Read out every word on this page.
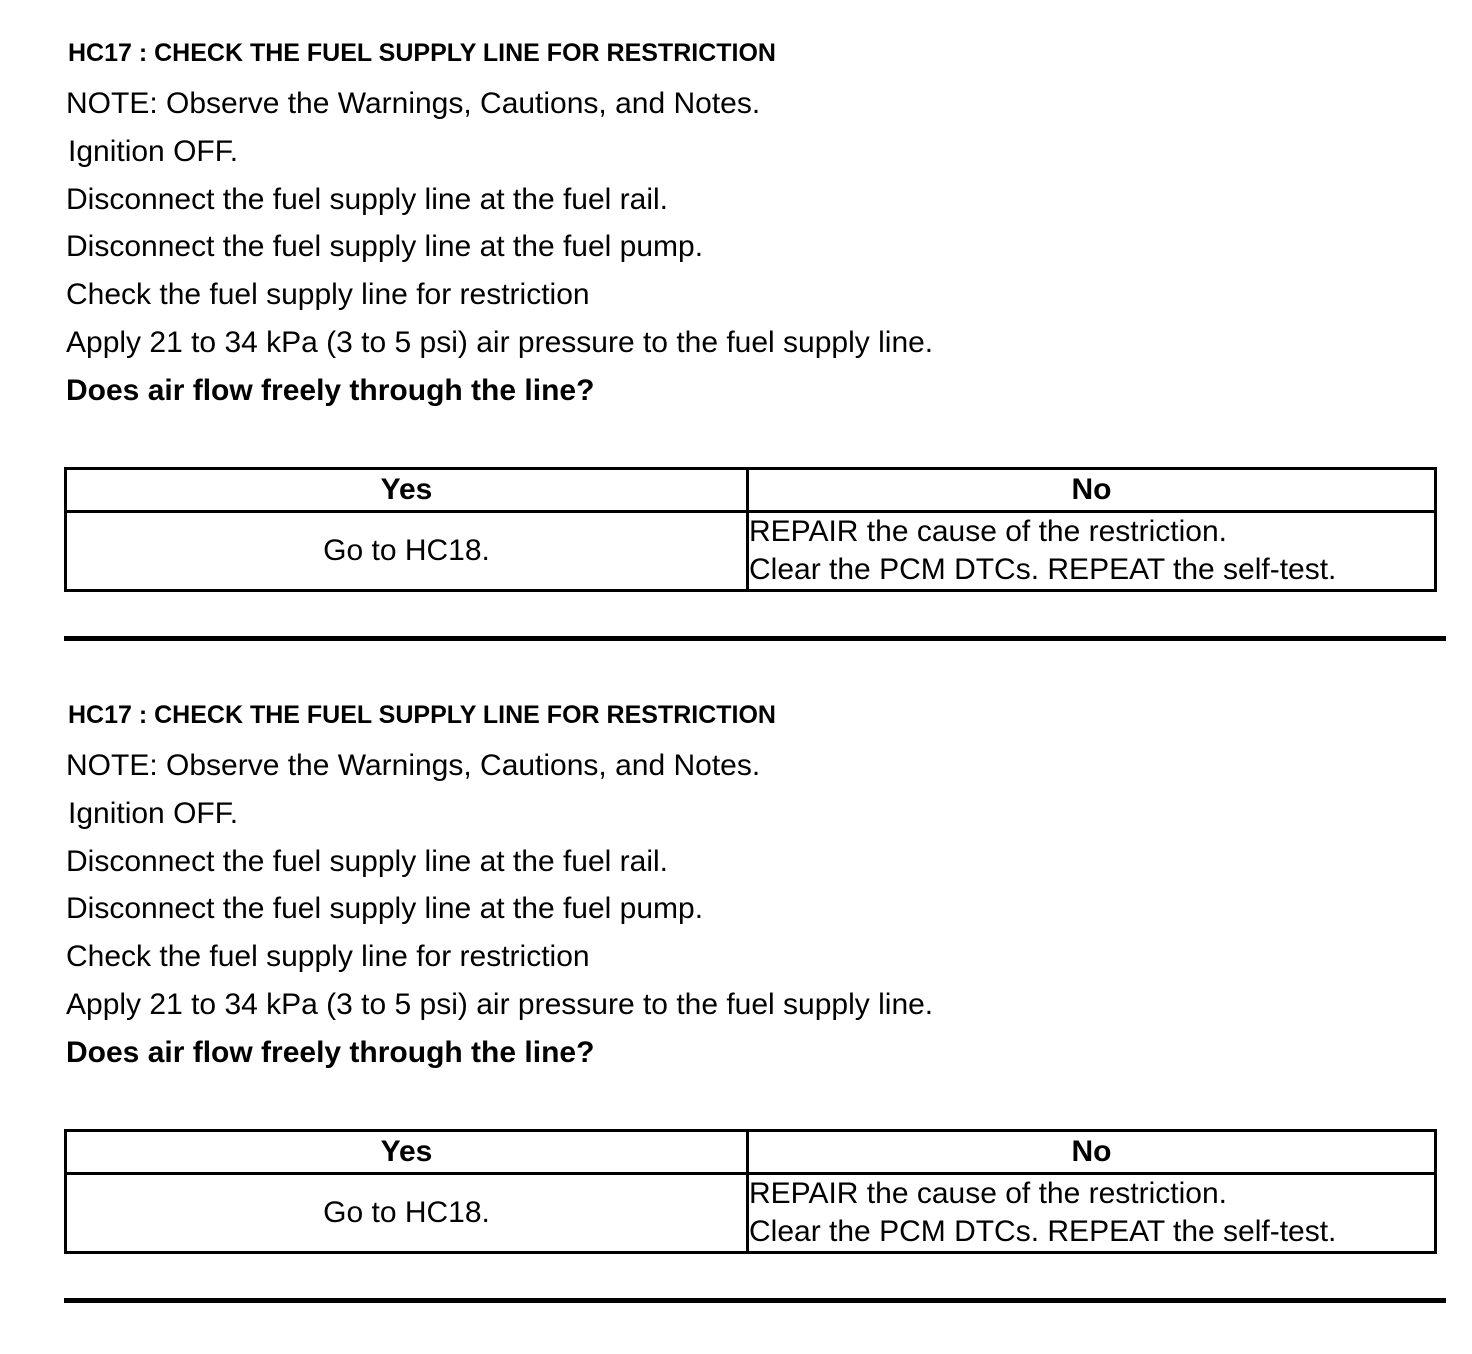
HC17 : CHECK THE FUEL SUPPLY LINE FOR RESTRICTION
NOTE: Observe the Warnings, Cautions, and Notes.
Ignition OFF.
Disconnect the fuel supply line at the fuel rail.
Disconnect the fuel supply line at the fuel pump.
Check the fuel supply line for restriction
Apply 21 to 34 kPa (3 to 5 psi) air pressure to the fuel supply line.
Does air flow freely through the line?
Yes	No
Go to HC18.	REPAIR the cause of the restriction.
Clear the PCM DTCs. REPEAT the self-test.
HC17 : CHECK THE FUEL SUPPLY LINE FOR RESTRICTION
NOTE: Observe the Warnings, Cautions, and Notes.
Ignition OFF.
Disconnect the fuel supply line at the fuel rail.
Disconnect the fuel supply line at the fuel pump.
Check the fuel supply line for restriction
Apply 21 to 34 kPa (3 to 5 psi) air pressure to the fuel supply line.
Does air flow freely through the line?
Yes	No
Go to HC18.	REPAIR the cause of the restriction.
Clear the PCM DTCs. REPEAT the self-test.
